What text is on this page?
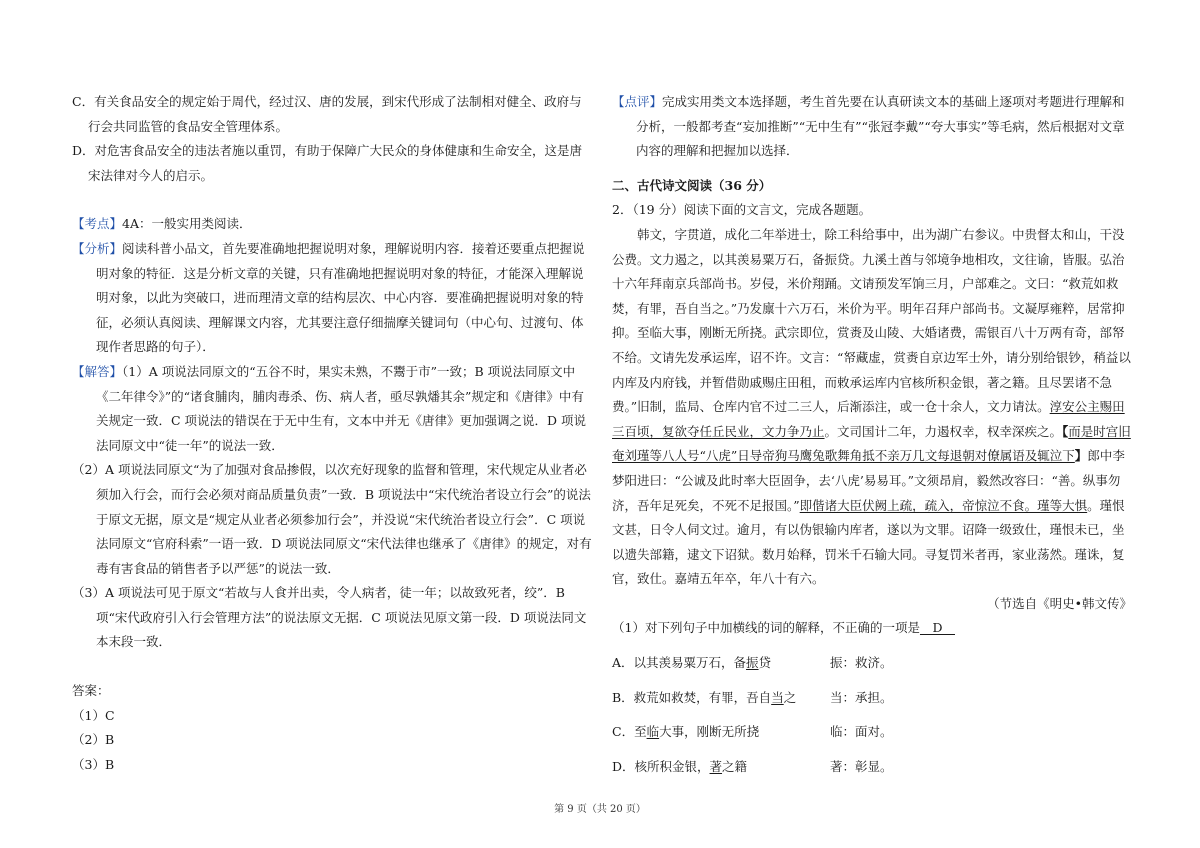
C．有关食品安全的规定始于周代，经过汉、唐的发展，到宋代形成了法制相对健全、政府与行会共同监管的食品安全管理体系。

D．对危害食品安全的违法者施以重罚，有助于保障广大民众的身体健康和生命安全，这是唐宋法律对今人的启示。

【考点】4A：一般实用类阅读．

【分析】阅读科普小品文，首先要准确地把握说明对象，理解说明内容．接着还要重点把握说明对象的特征．这是分析文章的关键，只有准确地把握说明对象的特征，才能深入理解说明对象，以此为突破口，进而理清文章的结构层次、中心内容．要准确把握说明对象的特征，必须认真阅读、理解课文内容，尤其要注意仔细揣摩关键词句（中心句、过渡句、体现作者思路的句子）．

【解答】（1）A 项说法同原文的“五谷不时，果实未熟，不鬻于市”一致；B 项说法同原文中《二年律令》”的“诸食脯肉，脯肉毒杀、伤、病人者，亟尽孰燔其余”规定和《唐律》中有关规定一致．C 项说法的错误在于无中生有，文本中并无《唐律》更加强调之说．D 项说法同原文中“徒一年”的说法一致．

（2）A 项说法同原文“为了加强对食品掺假，以次充好现象的监督和管理，宋代规定从业者必须加入行会，而行会必须对商品质量负责”一致．B 项说法中“宋代统治者设立行会”的说法于原文无据，原文是“规定从业者必须参加行会”，并没说“宋代统治者设立行会”．C 项说法同原文“官府科索”一语一致．D 项说法同原文“宋代法律也继承了《唐律》的规定，对有毒有害食品的销售者予以严惩”的说法一致．

（3）A 项说法可见于原文“若故与人食并出卖，令人病者，徒一年；以故致死者，绞”．B 项“宋代政府引入行会管理方法”的说法原文无据．C 项说法见原文第一段．D 项说法同文本末段一致．

答案：

（1）C

（2）B

（3）B

【点评】完成实用类文本选择题，考生首先要在认真研读文本的基础上逐项对考题进行理解和分析，一般都考查“妄加推断”“无中生有”“张冠李戴”“夸大事实”等毛病，然后根据对文章内容的理解和把握加以选择．

二、古代诗文阅读（36 分）

2．（19 分）阅读下面的文言文，完成各题题。

韩文，字贯道，成化二年举进士，除工科给事中，出为湖广右参议。中贵督太和山，干没公费。文力遏之，以其羡易粟万石，备振贷。九溪土酋与邻境争地相攻，文往谕，皆服。弘治十六年拜南京兵部尚书。岁侵，米价翔踊。文请预发军饷三月，户部难之。文曰：“救荒如救焚，有罪，吾自当之。”乃发廪十六万石，米价为平。明年召拜户部尚书。文凝厚雍粹，居常抑抑。至临大事，刚断无所挠。武宗即位，赏赉及山陵、大婚诸费，需银百八十万两有奇，部帑不给。文请先发承运库，诏不许。文言：“帑藏虚，赏赉自京边军士外，请分别给银钞，稍益以内库及内府钱，并暂借勋戚赐庄田租，而敕承运库内官核所积金银，著之籍。且尽罢诸不急费。”旧制，监局、仓库内官不过二三人，后渐添注，或一仓十余人，文力请汰。淳安公主赐田三百顷，复欲夺任丘民业，文力争乃止。文司国计二年，力遏权幸，权幸深疾之。【而是时宫旧奄刘瑾等八人号“八虎”日导帝狗马鹰兔歌舞角抵不亲万几文每退朝对僚属语及辄泣下】郎中李梦阳进曰：“公诚及此时率大臣固争，去‘八虎’易易耳。”文须昂肩，毅然改容曰：“善。纵事勿济，吾年足死矣，不死不足报国。”即偕诸大臣伏阙上疏，疏入，帝惊泣不食。瑾等大惧。瑾恨文甚，日令人伺文过。逾月，有以伪银输内库者，遂以为文罪。诏降一级致仕，瑾恨未已，坐以遗失部籍，逮文下诏狱。数月始释，罚米千石输大同。寻复罚米者再，家业荡然。瑾诛，复官，致仕。嘉靖五年卒，年八十有六。

（节选自《明史•韩文传》

（1）对下列句子中加横线的词的解释，不正确的一项是　D　

A．以其羡易粟万石，备振贷	振：救济。
B．救荒如救焚，有罪，吾自当之	当：承担。
C．至临大事，刚断无所挠	临：面对。
D．核所积金银，著之籍	著：彰显。
第 9 页（共 20 页）
